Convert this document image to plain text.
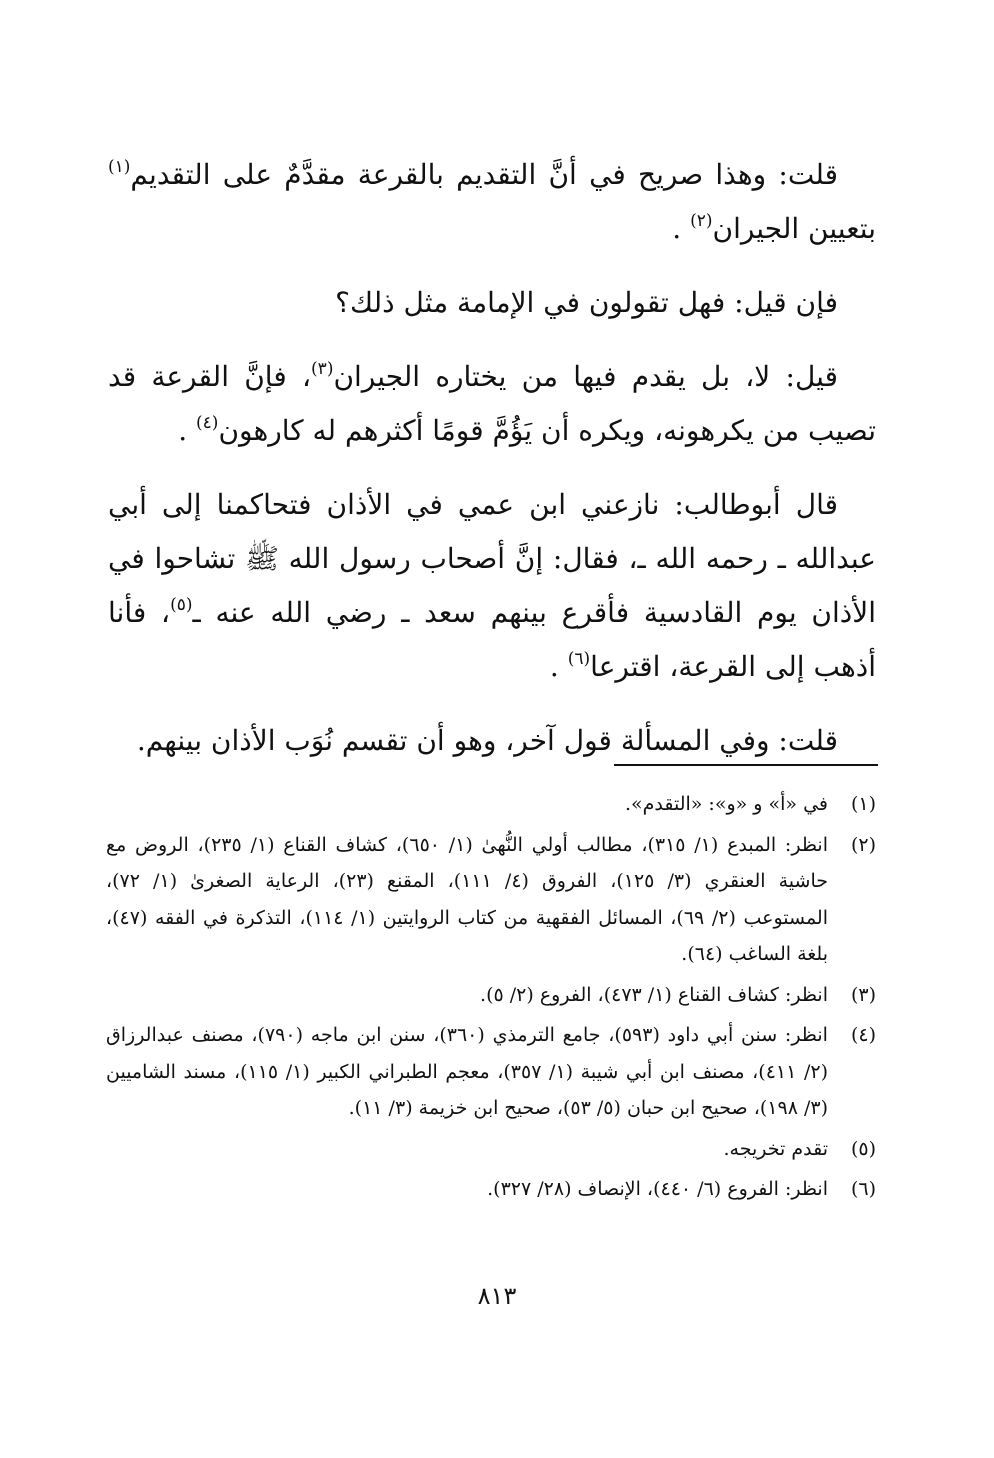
قلت: وهذا صريح في أنَّ التقديم بالقرعة مقدَّمٌ على التقديم$^{(١)}$ بتعيين الجيران$^{(٢)}$ .

فإن قيل: فهل تقولون في الإمامة مثل ذلك؟

قيل: لا، بل يقدم فيها من يختاره الجيران$^{(٣)}$، فإنَّ القرعة قد تصيب من يكرهونه، ويكره أن يَؤُمَّ قومًا أكثرهم له كارهون$^{(٤)}$ .

قال أبوطالب: نازعني ابن عمي في الأذان فتحاكمنا إلى أبي عبدالله ـ رحمه الله ـ، فقال: إنَّ أصحاب رسول الله ﷺ تشاحوا في الأذان يوم القادسية فأقرع بينهم سعد ـ رضي الله عنه ـ$^{(٥)}$، فأنا أذهب إلى القرعة، اقترعا$^{(٦)}$ .

قلت: وفي المسألة قول آخر، وهو أن تقسم نُوَب الأذان بينهم.

(١)
في «أ» و «و»: «التقدم».
(٢)
انظر: المبدع (١/ ٣١٥)، مطالب أولي النُّهىٰ (١/ ٦٥٠)، كشاف القناع (١/ ٢٣٥)، الروض مع حاشية العنقري (٣/ ١٢٥)، الفروق (٤/ ١١١)، المقنع (٢٣)، الرعاية الصغرىٰ (١/ ٧٢)، المستوعب (٢/ ٦٩)، المسائل الفقهية من كتاب الروايتين (١/ ١١٤)، التذكرة في الفقه (٤٧)، بلغة الساغب (٦٤).
(٣)
انظر: كشاف القناع (١/ ٤٧٣)، الفروع (٢/ ٥).
(٤)
انظر: سنن أبي داود (٥٩٣)، جامع الترمذي (٣٦٠)، سنن ابن ماجه (٧٩٠)، مصنف عبدالرزاق (٢/ ٤١١)، مصنف ابن أبي شيبة (١/ ٣٥٧)، معجم الطبراني الكبير (١/ ١١٥)، مسند الشاميين (٣/ ١٩٨)، صحيح ابن حبان (٥/ ٥٣)، صحيح ابن خزيمة (٣/ ١١).
(٥)
تقدم تخريجه.
(٦)
انظر: الفروع (٦/ ٤٤٠)، الإنصاف (٢٨/ ٣٢٧).
٨١٣
